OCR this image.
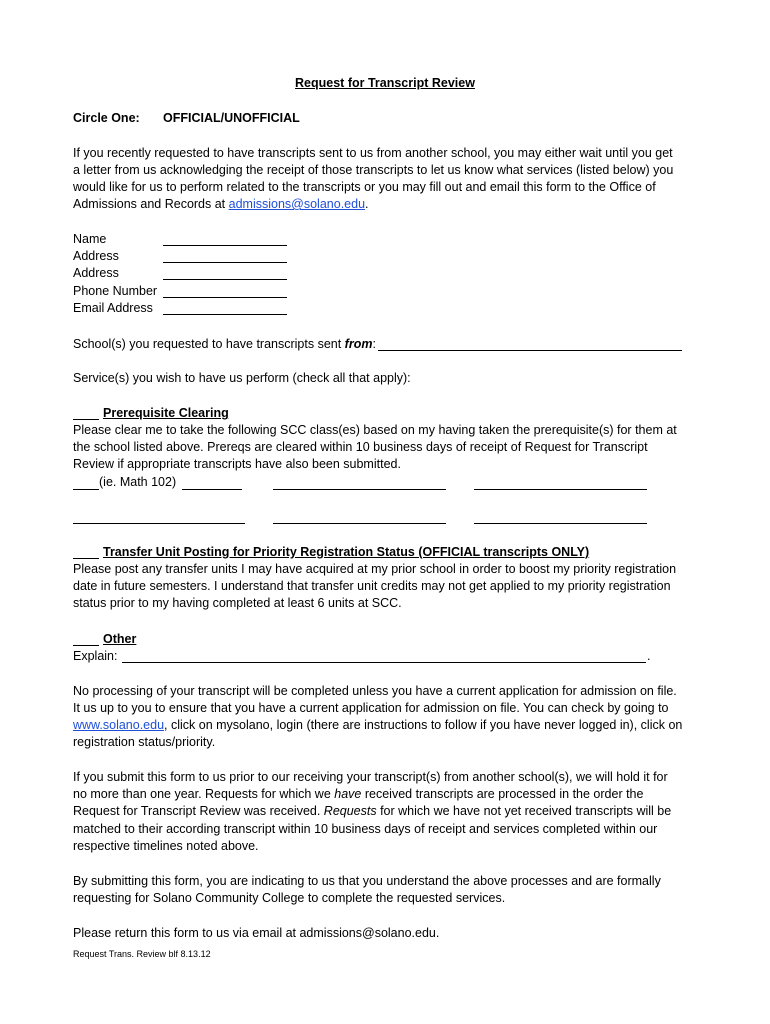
Request for Transcript Review
Circle One: OFFICIAL/UNOFFICIAL
If you recently requested to have transcripts sent to us from another school, you may either wait until you get
a letter from us acknowledging the receipt of those transcripts to let us know what services (listed below) you
would like for us to perform related to the transcripts or you may fill out and email this form to the Office of
Admissions and Records at admissions@solano.edu.
Name
Address
Address
Phone Number
Email Address
School(s) you requested to have transcripts sent from:
Service(s) you wish to have us perform (check all that apply):
Prerequisite Clearing
Please clear me to take the following SCC class(es) based on my having taken the prerequisite(s) for them at
the school listed above. Prereqs are cleared within 10 business days of receipt of Request for Transcript
Review if appropriate transcripts have also been submitted.
(ie. Math 102)
Transfer Unit Posting for Priority Registration Status (OFFICIAL transcripts ONLY)
Please post any transfer units I may have acquired at my prior school in order to boost my priority registration
date in future semesters. I understand that transfer unit credits may not get applied to my priority registration
status prior to my having completed at least 6 units at SCC.
Other
Explain:	.
No processing of your transcript will be completed unless you have a current application for admission on file.
It us up to you to ensure that you have a current application for admission on file. You can check by going to
www.solano.edu, click on mysolano, login (there are instructions to follow if you have never logged in), click on
registration status/priority.
If you submit this form to us prior to our receiving your transcript(s) from another school(s), we will hold it for
no more than one year. Requests for which we have received transcripts are processed in the order the
Request for Transcript Review was received. Requests for which we have not yet received transcripts will be
matched to their according transcript within 10 business days of receipt and services completed within our
respective timelines noted above.
By submitting this form, you are indicating to us that you understand the above processes and are formally
requesting for Solano Community College to complete the requested services.
Please return this form to us via email at admissions@solano.edu.
Request Trans. Review blf 8.13.12
